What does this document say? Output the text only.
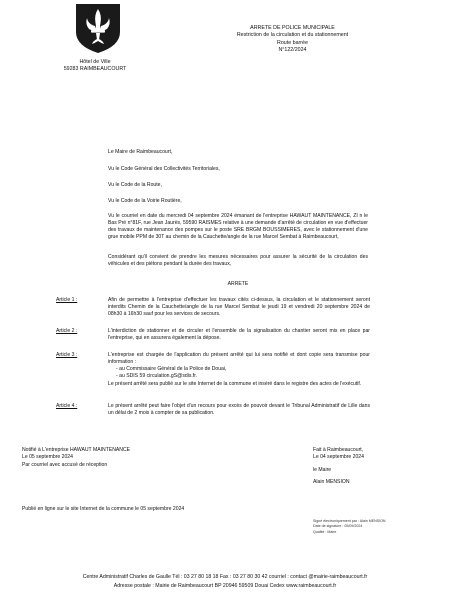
Hôtel de Ville
59283 RAIMBEAUCOURT
ARRETE DE POLICE MUNICIPALE
Restriction de la circulation et du stationnement
Route barrée
N°122/2024
Le Maire de Raimbeaucourt,
Vu le Code Général des Collectivités Territoriales,
Vu le Code de la Route,
Vu le Code de la Voirie Routière,
Vu le courriel en date du mercredi 04 septembre 2024 émanant de l'entreprise HAWAUT MAINTENANCE, ZI n le Bas Pré n°81F, rue Jean Jaurès, 59590 RAISMES relative à une demande d'arrêté de circulation en vue d'effectuer des travaux de maintenance des pompes sur le poste SRE BRGM BOUSSIMERES, avec le stationnement d'une grue mobile PPM de 30T au chemin de la Cauchette/angle de la rue Marcel Sembat à Raimbeaucourt,
Considérant qu'il convient de prendre les mesures nécessaires pour assurer la sécurité de la circulation des véhicules et des piétons pendant la durée des travaux,
ARRETE
Article 1 :	Afin de permettre à l'entreprise d'effectuer les travaux cités ci-dessus, la circulation et le stationnement seront interdits Chemin de la Cauchette/angle de la rue Marcel Sembat le jeudi 19 et vendredi 20 septembre 2024 de 08h30 à 16h30 sauf pour les services de secours.
Article 2 :	L'interdiction de stationner et de circuler et l'ensemble de la signalisation du chantier seront mis en place par l'entreprise, qui en assurera également la dépose.
Article 3 :	L'entreprise est chargée de l'application du présent arrêté qui lui sera notifié et dont copie sera transmise pour information :
- au Commissaire Général de la Police de Douai,
- au SDIS 59 circulation.gS@sdis.fr.
Le présent arrêté sera publié sur le site Internet de la commune et inséré dans le registre des actes de l'exécutif.
Article 4 :	Le présent arrêté peut faire l'objet d'un recours pour excès de pouvoir devant le Tribunal Administratif de Lille dans un délai de 2 mois à compter de sa publication.
Notifié à L'entreprise HAWAUT MAINTENANCE
Le 05 septembre 2024
Par courriel avec accusé de réception
Fait à Raimbeaucourt,
Le 04 septembre 2024
le Maire
Alain MENSION
Publié en ligne sur le site Internet de la commune le 05 septembre 2024
Signé électroniquement par : Alain MENSION
Date de signature : 05/09/2024
Qualité : Maire
Centre Administratif Charles de Gaulle Tél : 03 27 80 18 18 Fax : 03 27 80 30 42 courriel : contact @mairie-raimbeaucourt.fr
Adresse postale : Mairie de Raimbeaucourt BP 20946 59509 Douai Cedex www.raimbeaucourt.fr
